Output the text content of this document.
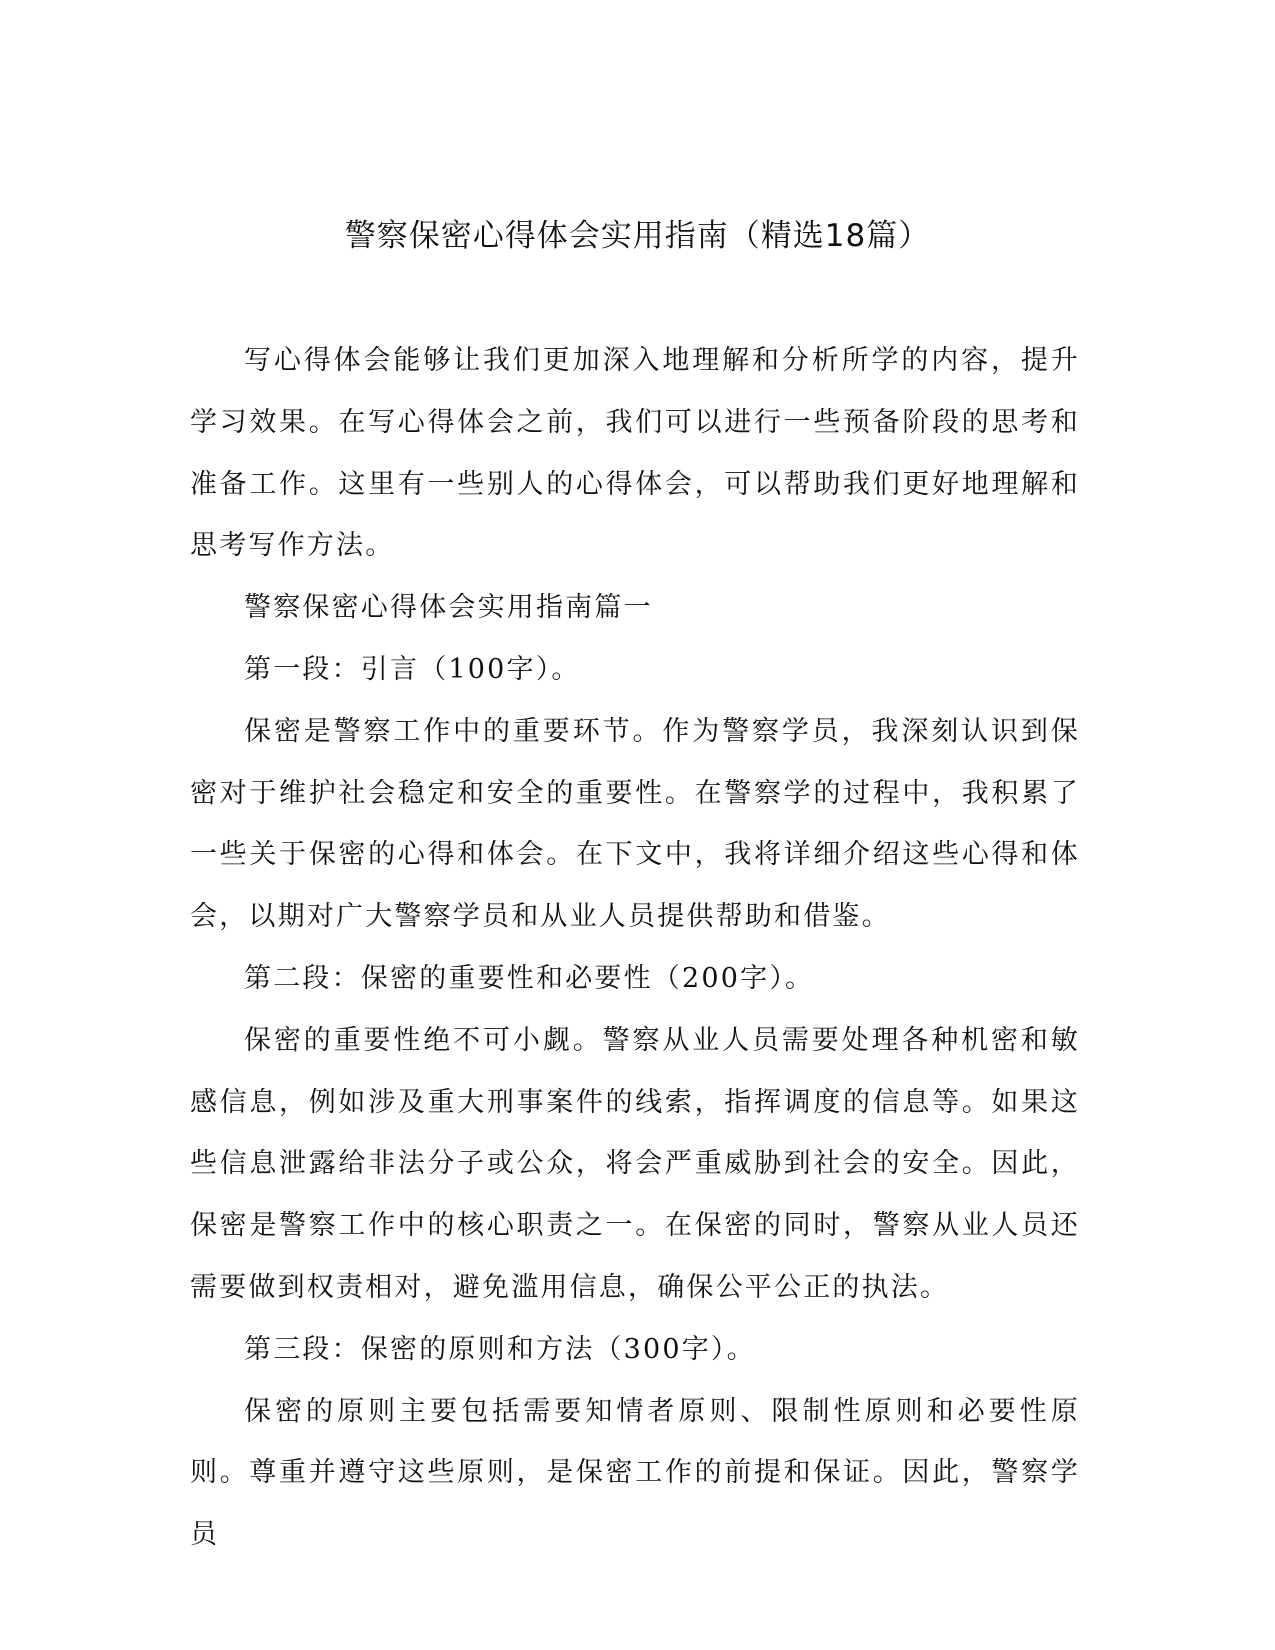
警察保密心得体会实用指南（精选18篇）

写心得体会能够让我们更加深入地理解和分析所学的内容，提升学习效果。在写心得体会之前，我们可以进行一些预备阶段的思考和准备工作。这里有一些别人的心得体会，可以帮助我们更好地理解和思考写作方法。

警察保密心得体会实用指南篇一

第一段：引言（100字）。

保密是警察工作中的重要环节。作为警察学员，我深刻认识到保密对于维护社会稳定和安全的重要性。在警察学的过程中，我积累了一些关于保密的心得和体会。在下文中，我将详细介绍这些心得和体会，以期对广大警察学员和从业人员提供帮助和借鉴。

第二段：保密的重要性和必要性（200字）。

保密的重要性绝不可小觑。警察从业人员需要处理各种机密和敏感信息，例如涉及重大刑事案件的线索，指挥调度的信息等。如果这些信息泄露给非法分子或公众，将会严重威胁到社会的安全。因此，保密是警察工作中的核心职责之一。在保密的同时，警察从业人员还需要做到权责相对，避免滥用信息，确保公平公正的执法。

第三段：保密的原则和方法（300字）。

保密的原则主要包括需要知情者原则、限制性原则和必要性原则。尊重并遵守这些原则，是保密工作的前提和保证。因此，警察学员
